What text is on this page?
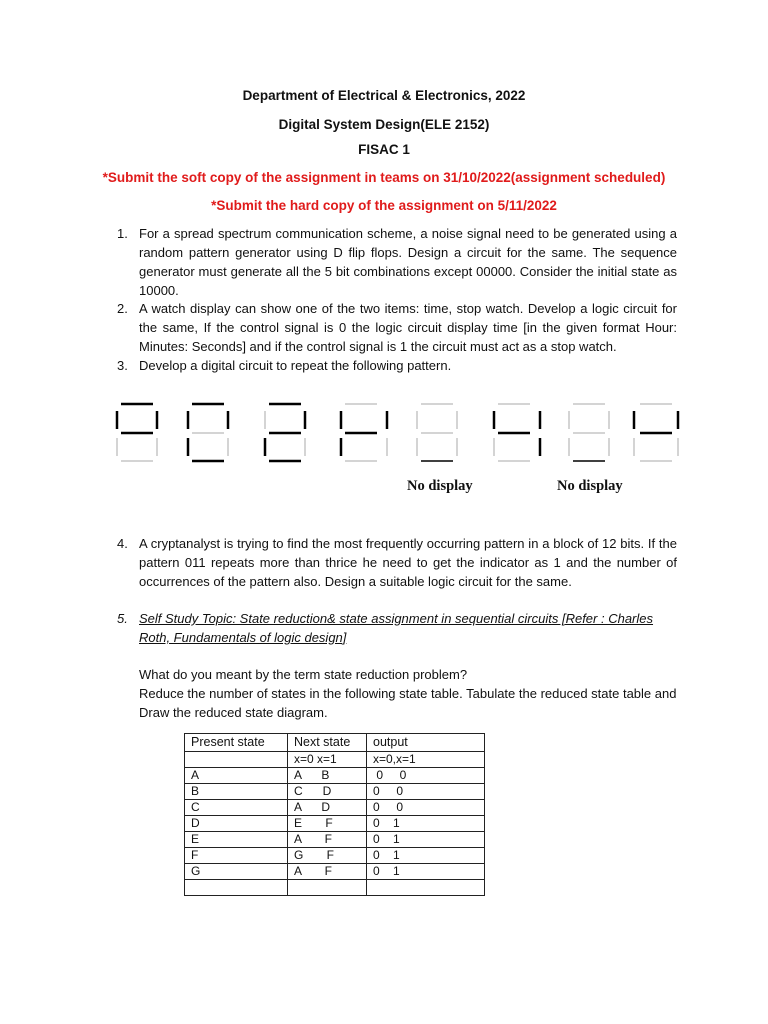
Department of Electrical & Electronics, 2022
Digital System Design(ELE 2152)
FISAC 1
*Submit the soft copy of the assignment in teams on 31/10/2022(assignment scheduled)
*Submit the hard copy of the assignment on 5/11/2022
1. For a spread spectrum communication scheme, a noise signal need to be generated using a random pattern generator using D flip flops. Design a circuit for the same. The sequence generator must generate all the 5 bit combinations except 00000. Consider the initial state as 10000.
2. A watch display can show one of the two items: time, stop watch. Develop a logic circuit for the same, If the control signal is 0 the logic circuit display time [in the given format Hour: Minutes: Seconds] and if the control signal is 1 the circuit must act as a stop watch.
3. Develop a digital circuit to repeat the following pattern.
No display	No display
4. A cryptanalyst is trying to find the most frequently occurring pattern in a block of 12 bits. If the pattern 011 repeats more than thrice he need to get the indicator as 1 and the number of occurrences of the pattern also. Design a suitable logic circuit for the same.
5. Self Study Topic: State reduction& state assignment in sequential circuits [Refer : Charles Roth, Fundamentals of logic design]
What do you meant by the term state reduction problem?
Reduce the number of states in the following state table. Tabulate the reduced state table and Draw the reduced state diagram.
Present state	Next state	output
	x=0 x=1	x=0,x=1
A	A      B	0     0
B	C      D	0     0
C	A      D	0     0
D	E       F	0    1
E	A       F	0    1
F	G       F	0    1
G	A       F	0    1
